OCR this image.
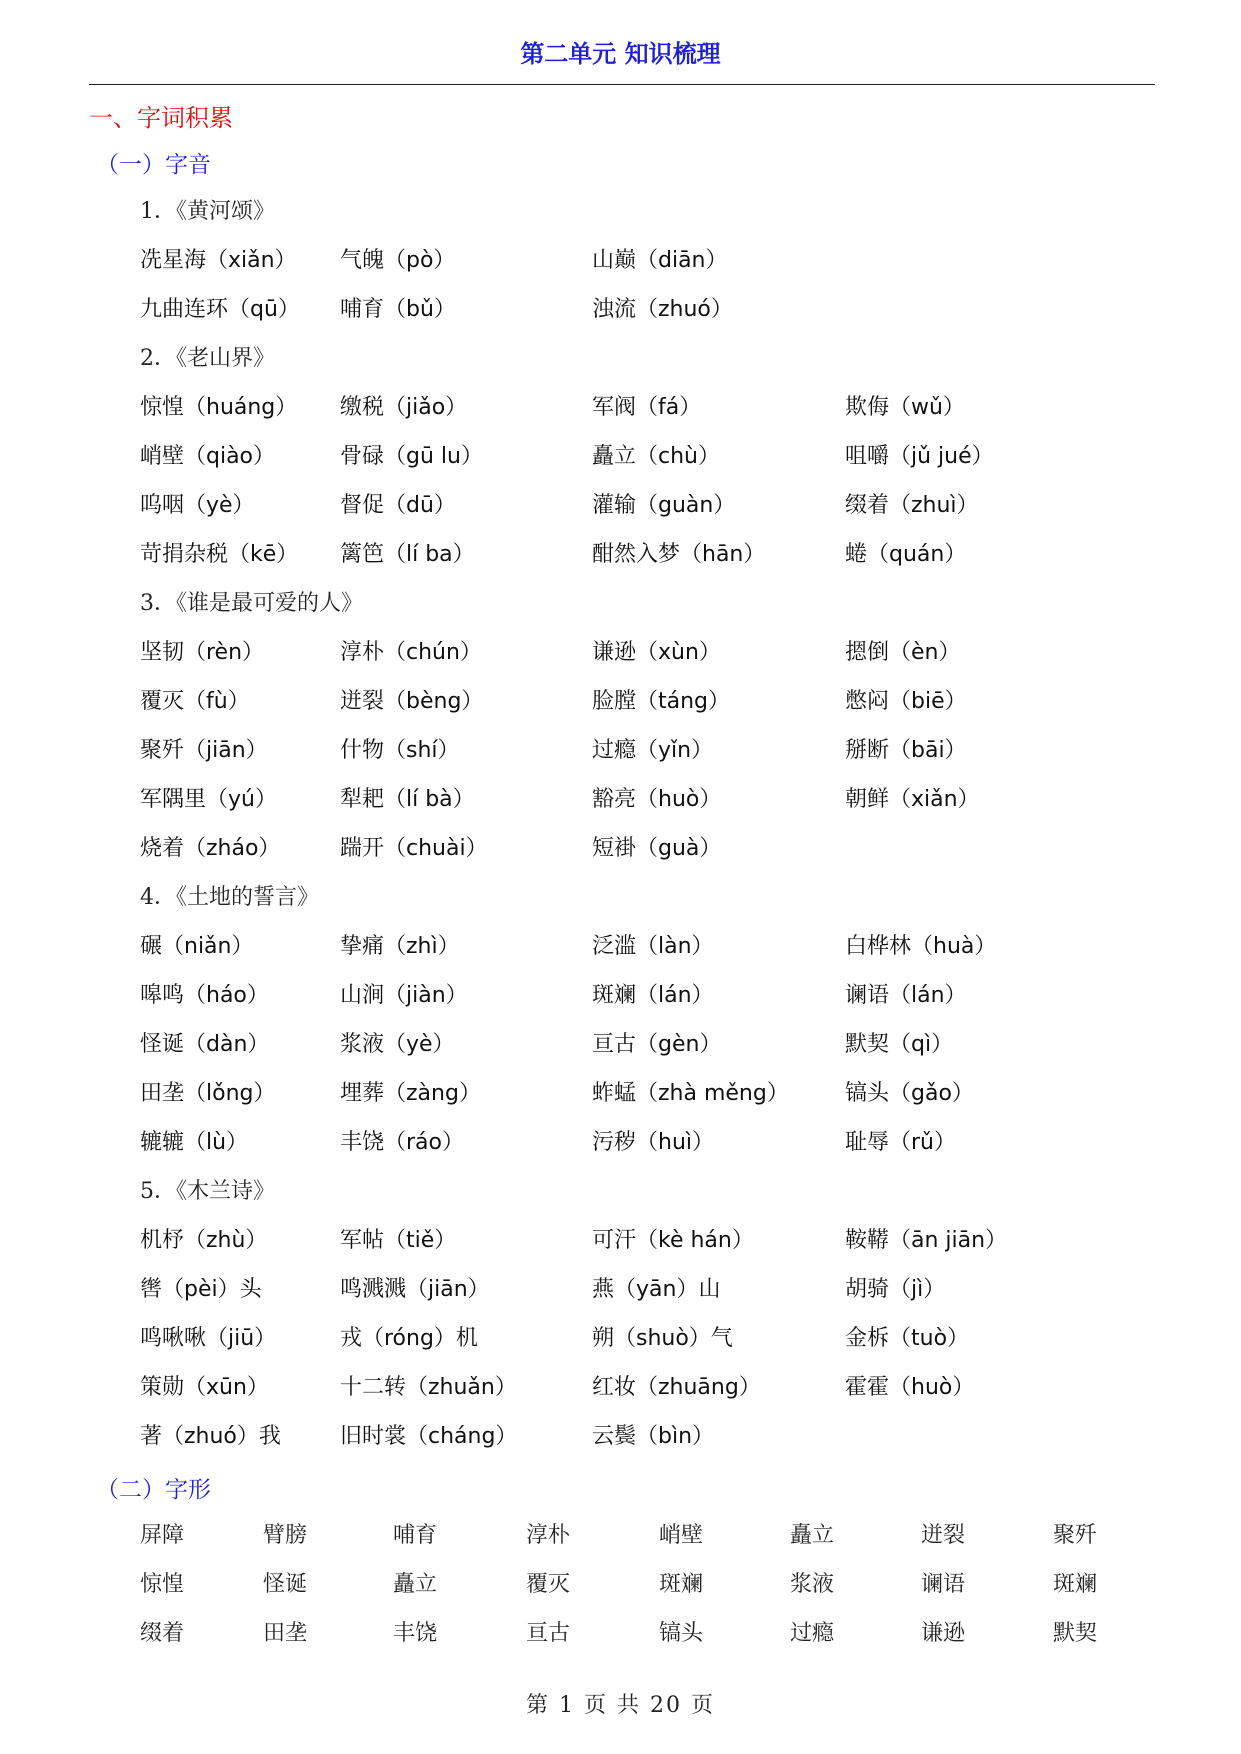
第二单元 知识梳理
一、字词积累
（一）字音
1．《黄河颂》
冼星海（xiǎn） 气魄（pò）	山巅（diān）
九曲连环（qū） 哺育（bǔ）	浊流（zhuó）
2．《老山界》
惊惶（huáng） 缴税（jiǎo）	军阀（fá）	欺侮（wǔ）
峭壁（qiào）	骨碌（gū lu）	矗立（chù）	咀嚼（jǔ jué）
呜咽（yè）	督促（dū）	灌输（guàn）	缀着（zhuì）
苛捐杂税（kē） 篱笆（lí ba）	酣然入梦（hān）	蜷（quán）
3．《谁是最可爱的人》
坚韧（rèn）	淳朴（chún）	谦逊（xùn）	摁倒（èn）
覆灭（fù）	迸裂（bèng）	脸膛（táng）	憋闷（biē）
聚歼（jiān）	什物（shí）	过瘾（yǐn）	掰断（bāi）
军隅里（yú）	犁耙（lí bà）	豁亮（huò）	朝鲜（xiǎn）
烧着（zháo）	踹开（chuài）	短褂（guà）
4．《土地的誓言》
碾（niǎn）	挚痛（zhì）	泛滥（làn）	白桦林（huà）
嗥鸣（háo）	山涧（jiàn）	斑斓（lán）	谰语（lán）
怪诞（dàn）	浆液（yè）	亘古（gèn）	默契（qì）
田垄（lǒng）	埋葬（zàng）	蚱蜢（zhà měng）	镐头（gǎo）
辘辘（lù）	丰饶（ráo）	污秽（huì）	耻辱（rǔ）
5．《木兰诗》
机杼（zhù）	军帖（tiě）	可汗（kè hán）	鞍鞯（ān jiān）
辔（pèi）头	鸣溅溅（jiān）	燕（yān）山	胡骑（jì）
鸣啾啾（jiū）	戎（róng）机	朔（shuò）气	金柝（tuò）
策勋（xūn）	十二转（zhuǎn）	红妆（zhuāng）	霍霍（huò）
著（zhuó）我	旧时裳（cháng）	云鬓（bìn）
（二）字形
屏障	臂膀	哺育	淳朴	峭壁	矗立	迸裂	聚歼
惊惶	怪诞	矗立	覆灭	斑斓	浆液	谰语	斑斓
缀着	田垄	丰饶	亘古	镐头	过瘾	谦逊	默契
第 1 页 共 20 页
